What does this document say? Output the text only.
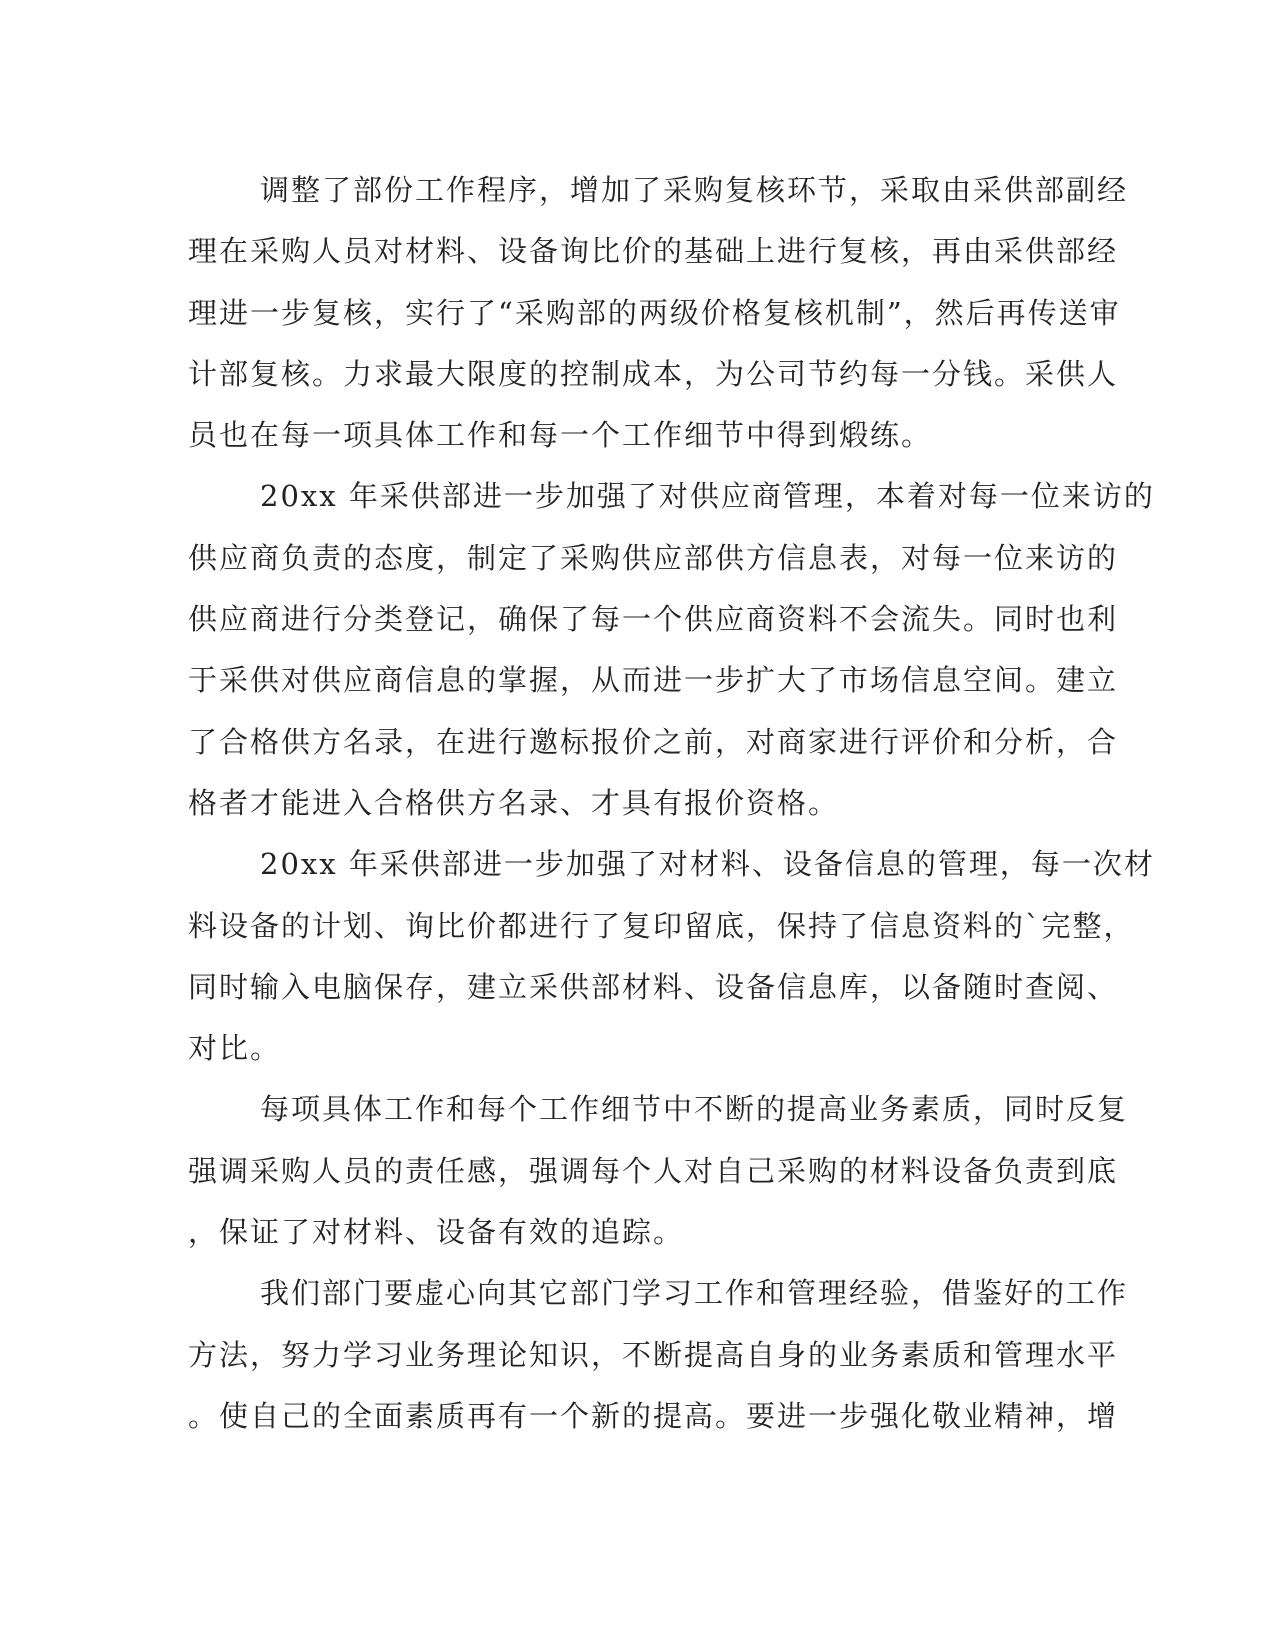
调整了部份工作程序，增加了采购复核环节，采取由采供部副经
理在采购人员对材料、设备询比价的基础上进行复核，再由采供部经
理进一步复核，实行了“采购部的两级价格复核机制”，然后再传送审
计部复核。力求最大限度的控制成本，为公司节约每一分钱。采供人
员也在每一项具体工作和每一个工作细节中得到煅练。
20xx 年采供部进一步加强了对供应商管理，本着对每一位来访的
供应商负责的态度，制定了采购供应部供方信息表，对每一位来访的
供应商进行分类登记，确保了每一个供应商资料不会流失。同时也利
于采供对供应商信息的掌握，从而进一步扩大了市场信息空间。建立
了合格供方名录，在进行邀标报价之前，对商家进行评价和分析，合
格者才能进入合格供方名录、才具有报价资格。
20xx 年采供部进一步加强了对材料、设备信息的管理，每一次材
料设备的计划、询比价都进行了复印留底，保持了信息资料的`完整，
同时输入电脑保存，建立采供部材料、设备信息库，以备随时查阅、
对比。
每项具体工作和每个工作细节中不断的提高业务素质，同时反复
强调采购人员的责任感，强调每个人对自己采购的材料设备负责到底
，保证了对材料、设备有效的追踪。
我们部门要虚心向其它部门学习工作和管理经验，借鉴好的工作
方法，努力学习业务理论知识，不断提高自身的业务素质和管理水平
。使自己的全面素质再有一个新的提高。要进一步强化敬业精神，增
